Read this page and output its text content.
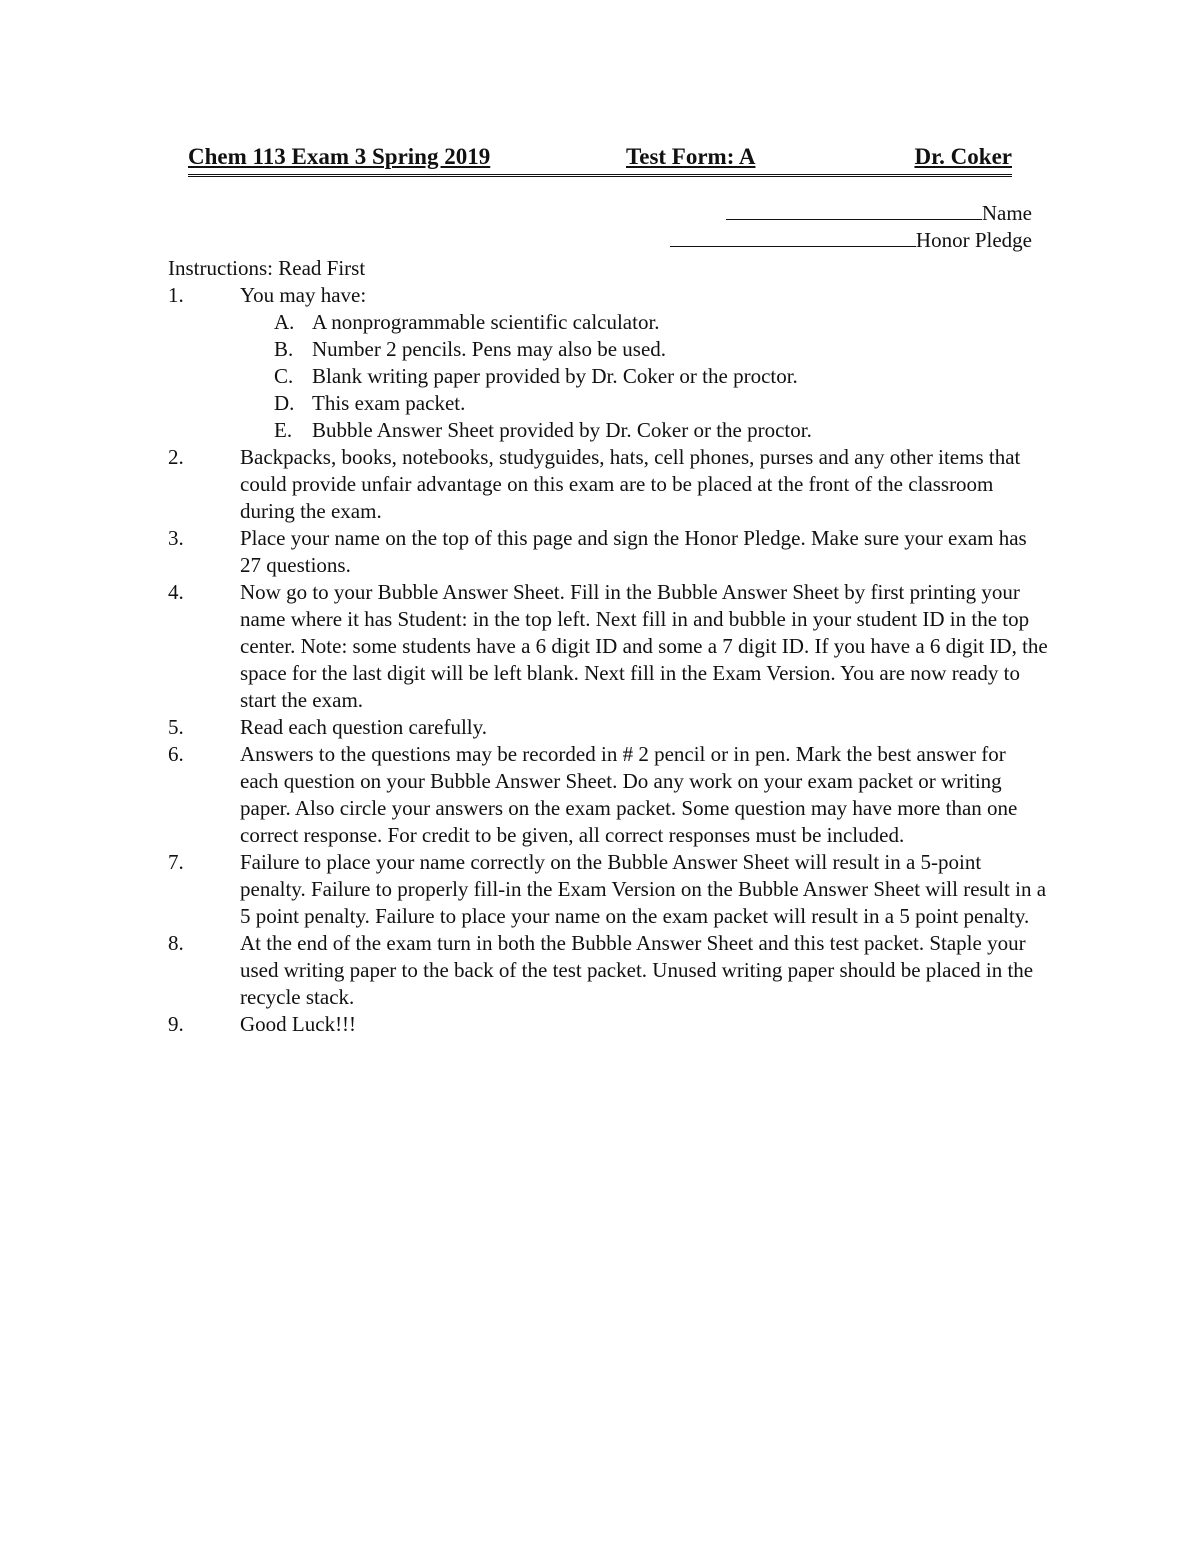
Chem 113 Exam 3 Spring 2019	Test Form: A	Dr. Coker
Name
Honor Pledge
Instructions: Read First
1.	You may have:
A. A nonprogrammable scientific calculator.
B. Number 2 pencils. Pens may also be used.
C. Blank writing paper provided by Dr. Coker or the proctor.
D. This exam packet.
E. Bubble Answer Sheet provided by Dr. Coker or the proctor.
2.	Backpacks, books, notebooks, studyguides, hats, cell phones, purses and any other items that could provide unfair advantage on this exam are to be placed at the front of the classroom during the exam.
3.	Place your name on the top of this page and sign the Honor Pledge. Make sure your exam has 27 questions.
4.	Now go to your Bubble Answer Sheet. Fill in the Bubble Answer Sheet by first printing your name where it has Student: in the top left. Next fill in and bubble in your student ID in the top center. Note: some students have a 6 digit ID and some a 7 digit ID. If you have a 6 digit ID, the space for the last digit will be left blank. Next fill in the Exam Version. You are now ready to start the exam.
5.	Read each question carefully.
6.	Answers to the questions may be recorded in # 2 pencil or in pen. Mark the best answer for each question on your Bubble Answer Sheet. Do any work on your exam packet or writing paper. Also circle your answers on the exam packet. Some question may have more than one correct response. For credit to be given, all correct responses must be included.
7.	Failure to place your name correctly on the Bubble Answer Sheet will result in a 5-point penalty. Failure to properly fill-in the Exam Version on the Bubble Answer Sheet will result in a 5 point penalty. Failure to place your name on the exam packet will result in a 5 point penalty.
8.	At the end of the exam turn in both the Bubble Answer Sheet and this test packet. Staple your used writing paper to the back of the test packet. Unused writing paper should be placed in the recycle stack.
9.	Good Luck!!!
